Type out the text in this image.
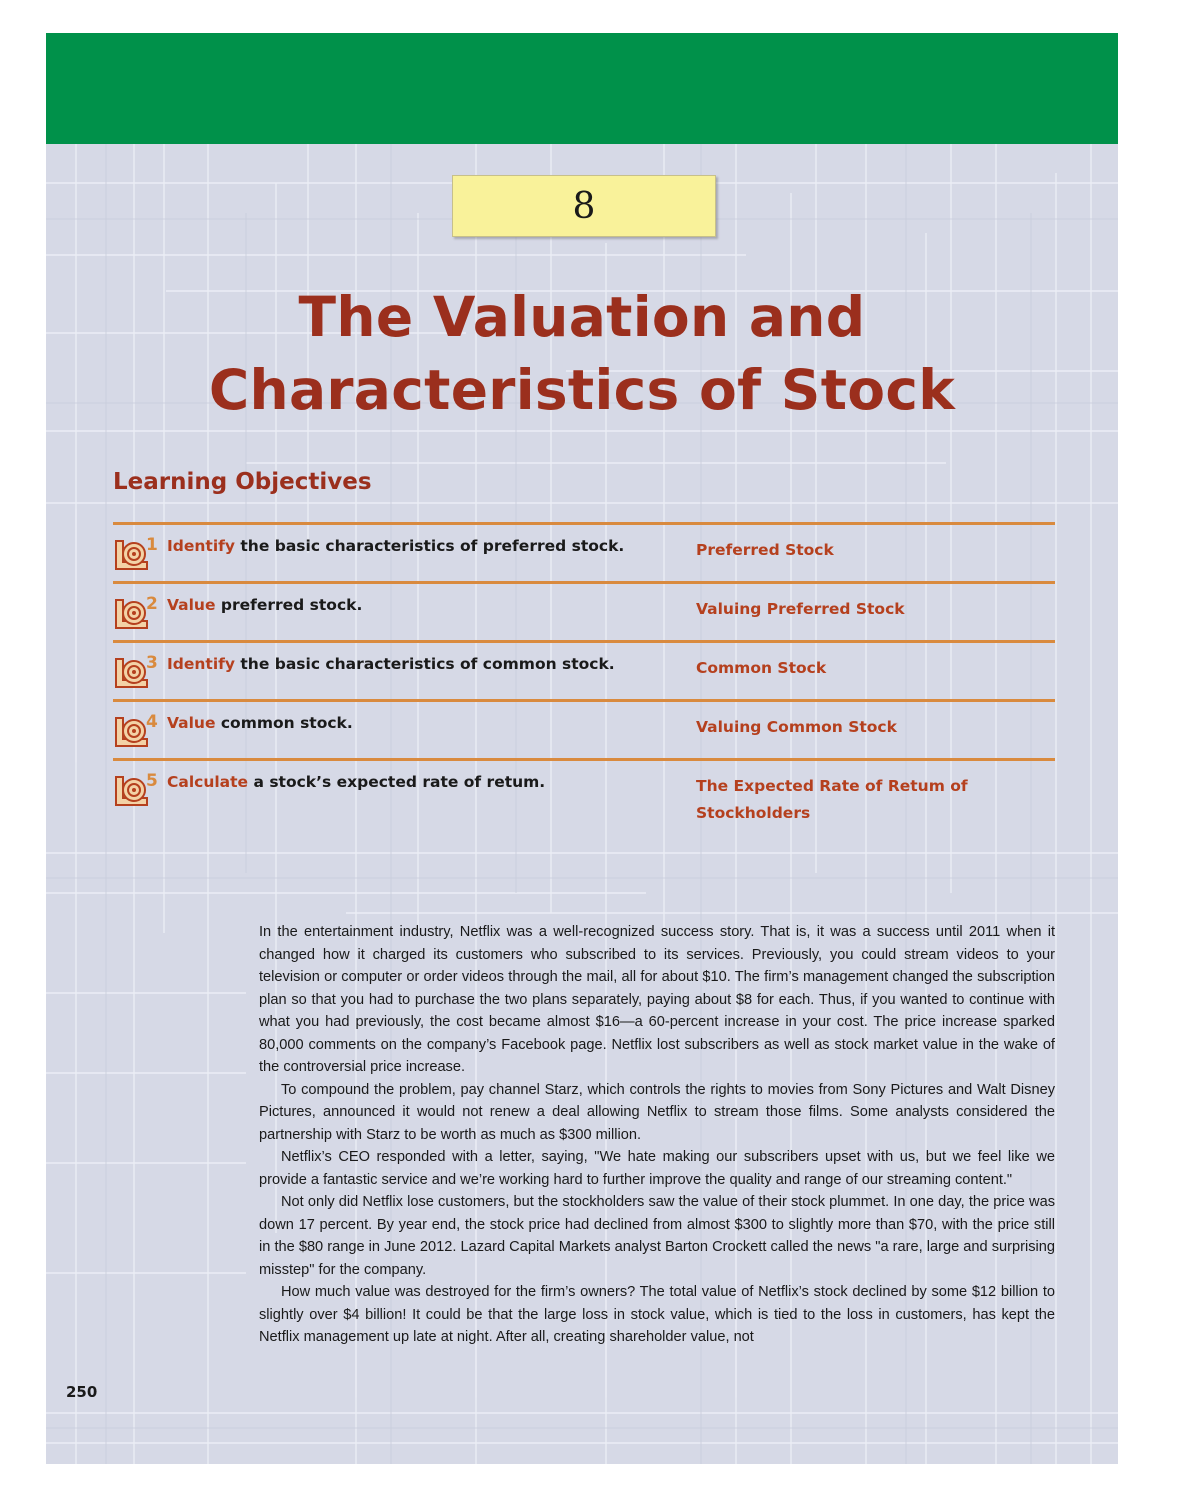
8
The Valuation and
Characteristics of Stock
Learning Objectives
1 Identify the basic characteristics of preferred stock.	Preferred Stock
2 Value preferred stock.	Valuing Preferred Stock
3 Identify the basic characteristics of common stock.	Common Stock
4 Value common stock.	Valuing Common Stock
5 Calculate a stock’s expected rate of retum.	The Expected Rate of Retum of Stockholders

In the entertainment industry, Netflix was a well-recognized success story. That is, it was a success until 2011 when it changed how it charged its customers who subscribed to its services. Previously, you could stream videos to your television or computer or order videos through the mail, all for about $10. The firm’s management changed the subscription plan so that you had to purchase the two plans separately, paying about $8 for each. Thus, if you wanted to continue with what you had previously, the cost became almost $16—a 60-percent increase in your cost. The price increase sparked 80,000 comments on the company’s Facebook page. Netflix lost subscribers as well as stock market value in the wake of the controversial price increase.

To compound the problem, pay channel Starz, which controls the rights to movies from Sony Pictures and Walt Disney Pictures, announced it would not renew a deal allowing Netflix to stream those films. Some analysts considered the partnership with Starz to be worth as much as $300 million.

Netflix’s CEO responded with a letter, saying, "We hate making our subscribers upset with us, but we feel like we provide a fantastic service and we’re working hard to further improve the quality and range of our streaming content."

Not only did Netflix lose customers, but the stockholders saw the value of their stock plummet. In one day, the price was down 17 percent. By year end, the stock price had declined from almost $300 to slightly more than $70, with the price still in the $80 range in June 2012. Lazard Capital Markets analyst Barton Crockett called the news "a rare, large and surprising misstep" for the company.

How much value was destroyed for the firm’s owners? The total value of Netflix’s stock declined by some $12 billion to slightly over $4 billion! It could be that the large loss in stock value, which is tied to the loss in customers, has kept the Netflix management up late at night. After all, creating shareholder value, not

250
